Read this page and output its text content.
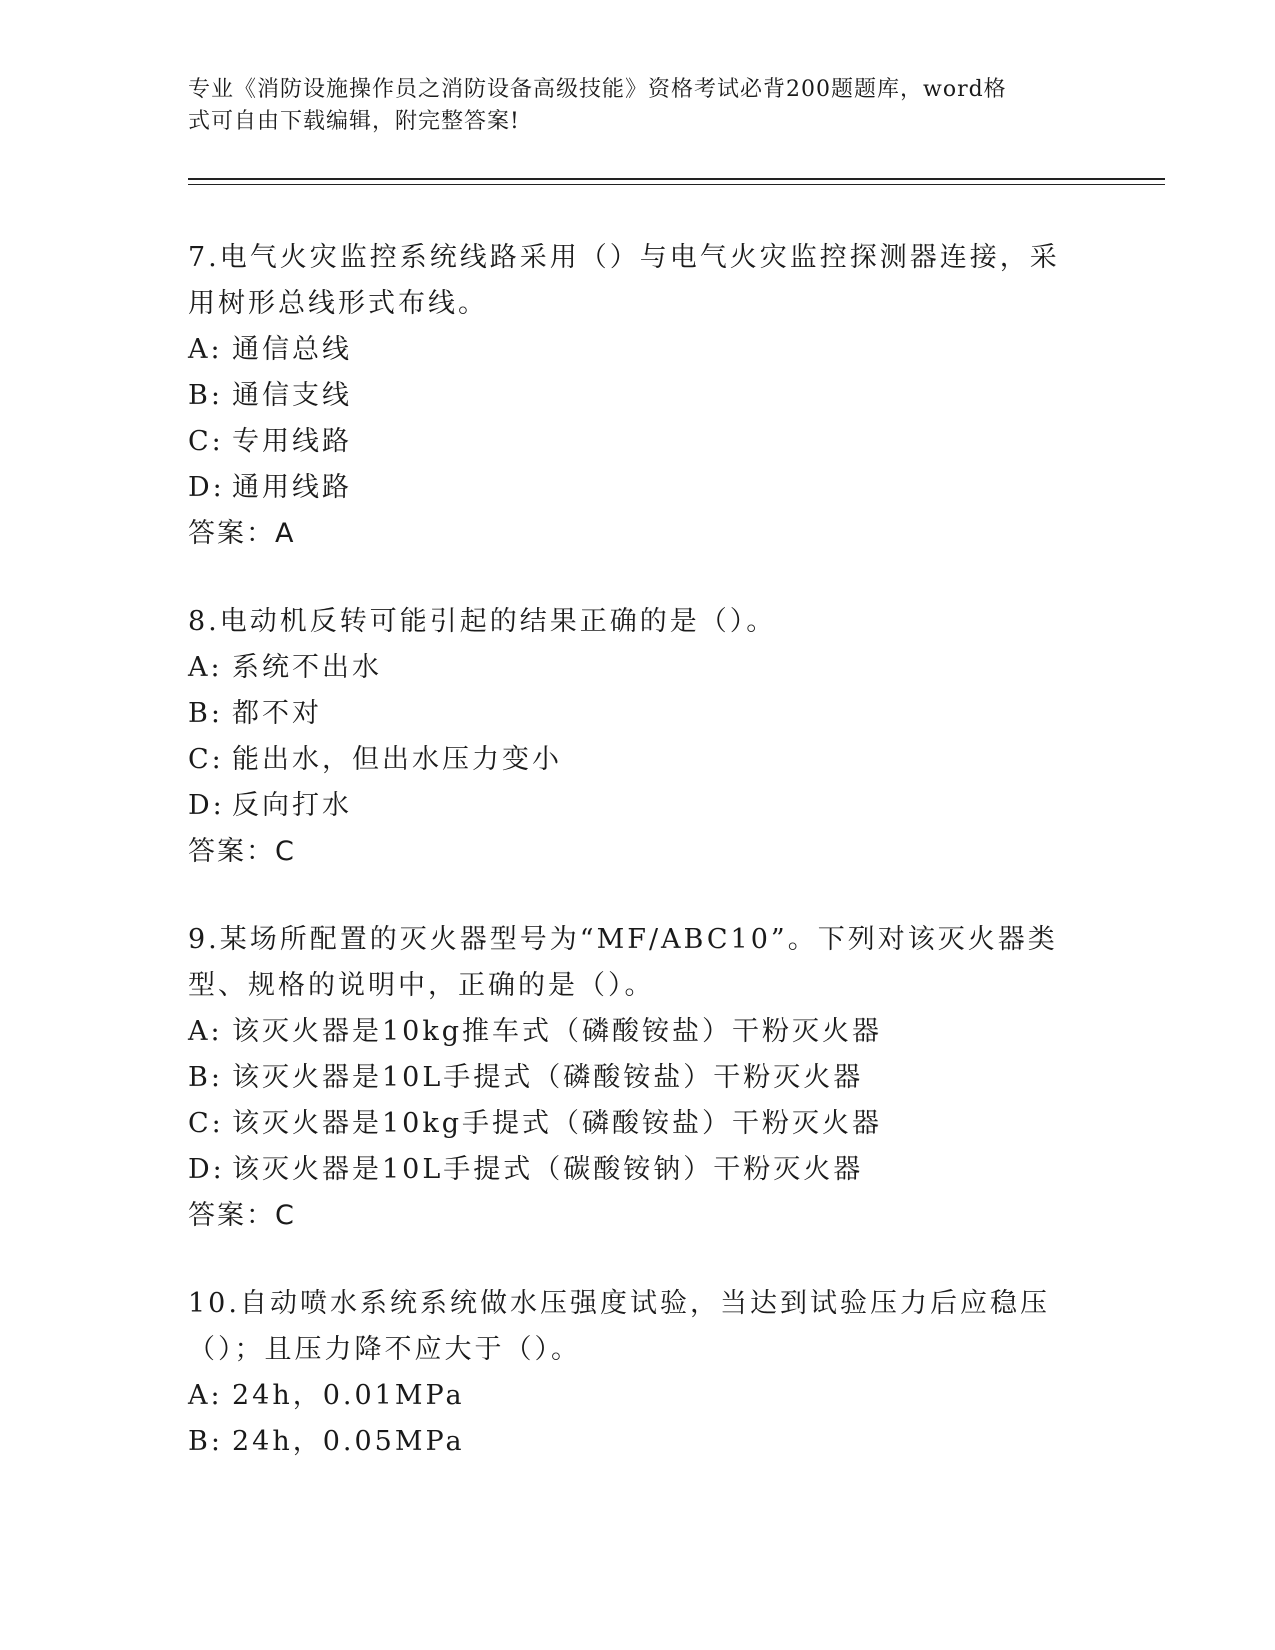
专业《消防设施操作员之消防设备高级技能》资格考试必背200题题库，word格
式可自由下载编辑，附完整答案!
7.电气火灾监控系统线路采用（）与电气火灾监控探测器连接，采用树形总线形式布线。
A: 通信总线
B: 通信支线
C: 专用线路
D: 通用线路
答案：A
8.电动机反转可能引起的结果正确的是（）。
A: 系统不出水
B: 都不对
C: 能出水，但出水压力变小
D: 反向打水
答案：C
9.某场所配置的灭火器型号为“MF/ABC10”。下列对该灭火器类型、规格的说明中，正确的是（）。
A: 该灭火器是10kg推车式（磷酸铵盐）干粉灭火器
B: 该灭火器是10L手提式（磷酸铵盐）干粉灭火器
C: 该灭火器是10kg手提式（磷酸铵盐）干粉灭火器
D: 该灭火器是10L手提式（碳酸铵钠）干粉灭火器
答案：C
10.自动喷水系统系统做水压强度试验，当达到试验压力后应稳压（）；且压力降不应大于（）。
A: 24h，0.01MPa
B: 24h，0.05MPa
